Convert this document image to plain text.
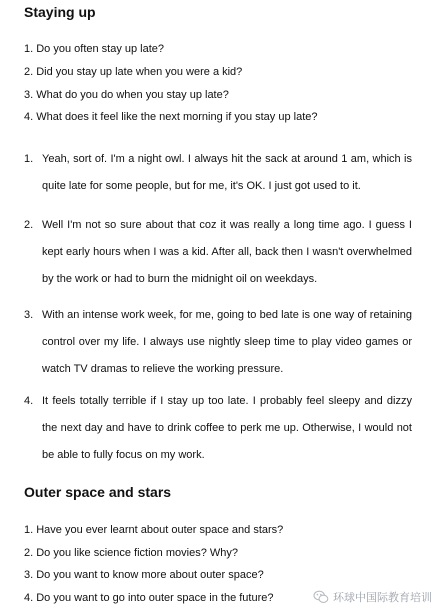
Staying up
1. Do you often stay up late?
2. Did you stay up late when you were a kid?
3. What do you do when you stay up late?
4. What does it feel like the next morning if you stay up late?
1. Yeah, sort of. I'm a night owl. I always hit the sack at around 1 am, which is quite late for some people, but for me, it's OK. I just got used to it.
2. Well I'm not so sure about that coz it was really a long time ago. I guess I kept early hours when I was a kid. After all, back then I wasn't overwhelmed by the work or had to burn the midnight oil on weekdays.
3. With an intense work week, for me, going to bed late is one way of retaining control over my life. I always use nightly sleep time to play video games or watch TV dramas to relieve the working pressure.
4. It feels totally terrible if I stay up too late. I probably feel sleepy and dizzy the next day and have to drink coffee to perk me up. Otherwise, I would not be able to fully focus on my work.
Outer space and stars
1. Have you ever learnt about outer space and stars?
2. Do you like science fiction movies? Why?
3. Do you want to know more about outer space?
4. Do you want to go into outer space in the future?	环球中国际教育培训
